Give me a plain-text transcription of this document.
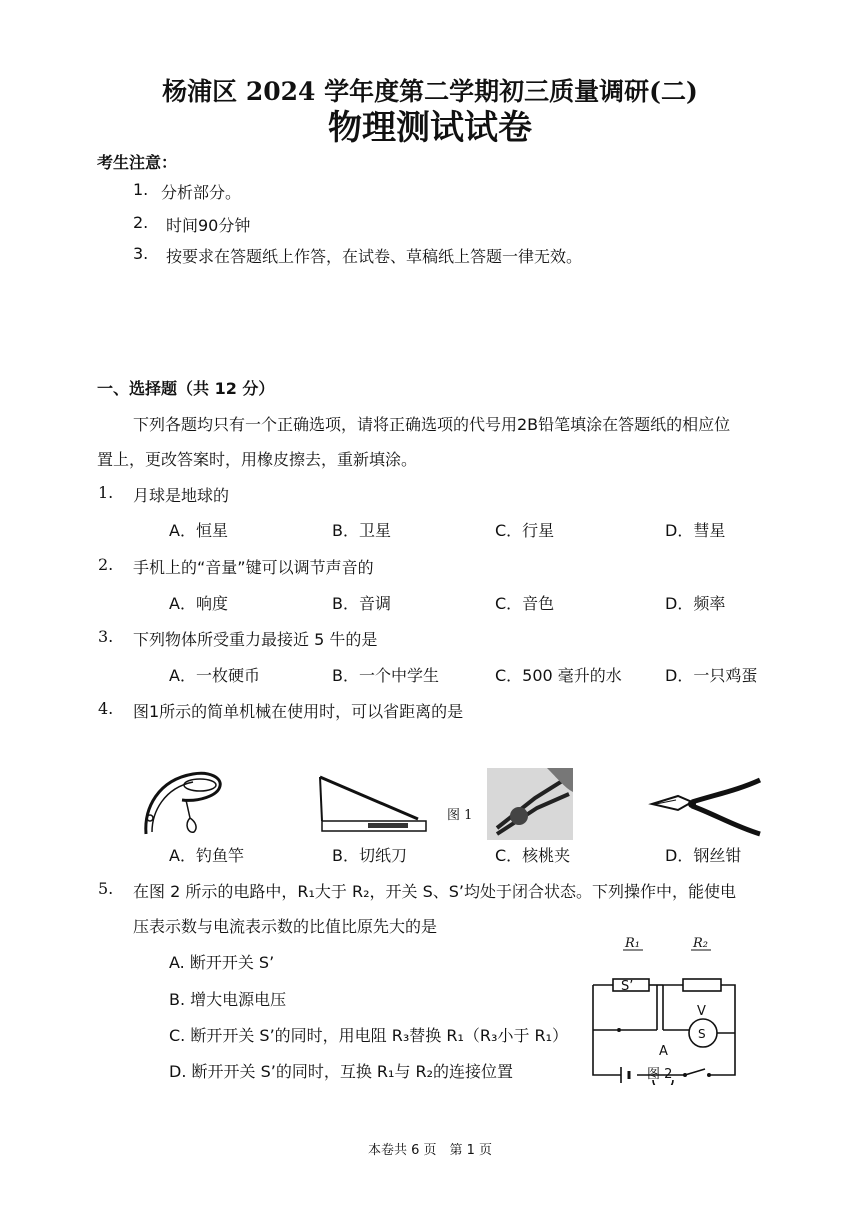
杨浦区 2024 学年度第二学期初三质量调研(二)
物理测试试卷
考生注意：
1. 分析部分。
2. 时间90分钟
3. 按要求在答题纸上作答，在试卷、草稿纸上答题一律无效。
一、选择题（共 12 分）
下列各题均只有一个正确选项，请将正确选项的代号用2B铅笔填涂在答题纸的相应位
置上，更改答案时，用橡皮擦去，重新填涂。
1. 月球是地球的
A．恒星	B．卫星	C．行星	D．彗星
2. 手机上的“音量”键可以调节声音的
A．响度	B．音调	C．音色	D．频率
3. 下列物体所受重力最接近 5 牛的是
A．一枚硬币	B．一个中学生	C．500 毫升的水	D．一只鸡蛋
4. 图1所示的简单机械在使用时，可以省距离的是
图 1
A．钓鱼竿	B．切纸刀	C．核桃夹	D．钢丝钳
5. 在图 2 所示的电路中，R₁大于 R₂，开关 S、S’均处于闭合状态。下列操作中，能使电
压表示数与电流表示数的比值比原先大的是
A. 断开开关 S’
B. 增大电源电压
C. 断开开关 S’的同时，用电阻 R₃替换 R₁（R₃小于 R₁）
D. 断开开关 S’的同时，互换 R₁与 R₂的连接位置
R₁	R₂
S’
V
S
A
图 2
本卷共 6 页　第 1 页
